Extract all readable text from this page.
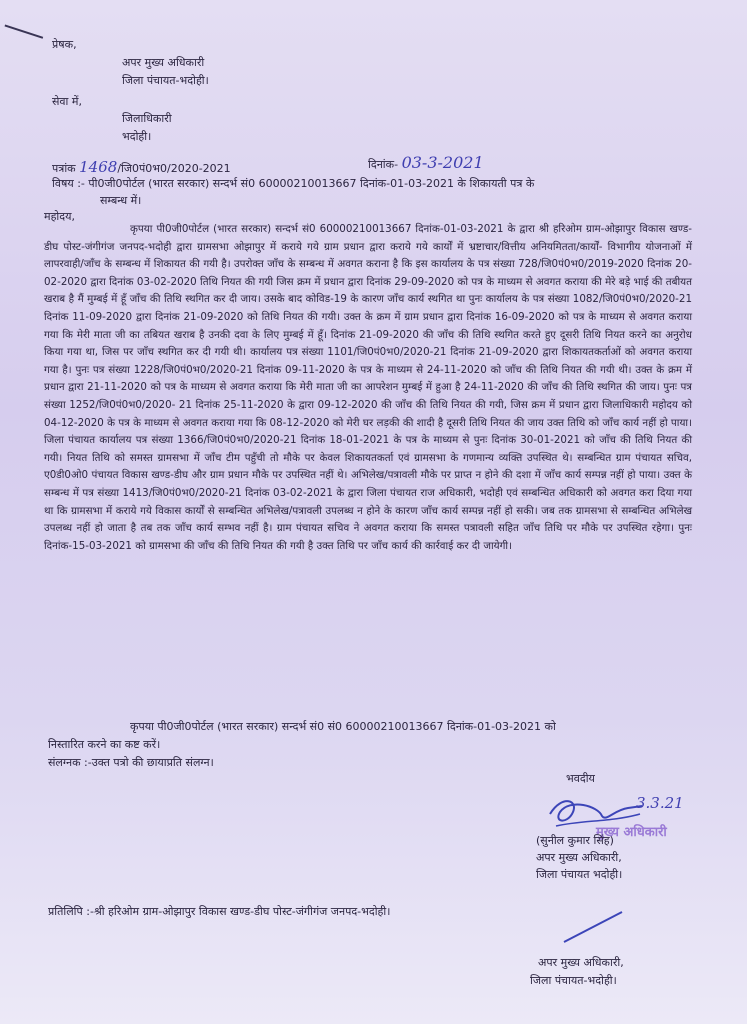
प्रेषक,
अपर मुख्य अधिकारी
जिला पंचायत-भदोही।
सेवा में,
जिलाधिकारी
भदोही।
पत्रांक 1468/जि0पं0भ0/2020-2021	दिनांक- 03-3-2021
विषय :- पी0जी0पोर्टल (भारत सरकार) सन्दर्भ सं0 60000210013667 दिनांक-01-03-2021 के शिकायती पत्र के
सम्बन्ध में।
महोदय,
कृपया पी0जी0पोर्टल (भारत सरकार) सन्दर्भ सं0 60000210013667 दिनांक-01-03-2021 के द्वारा श्री हरिओम ग्राम-ओझापुर विकास खण्ड-डीघ पोस्ट-जंगीगंज जनपद-भदोही द्वारा ग्रामसभा ओझापुर में कराये गये ग्राम प्रधान द्वारा कराये गये कार्यों में भ्रष्टाचार/वित्तीय अनियमितता/कार्यों- विभागीय योजनाओं में लापरवाही/जाँच के सम्बन्ध में शिकायत की गयी है। उपरोक्त जाँच के सम्बन्ध में अवगत कराना है कि इस कार्यालय के पत्र संख्या 728/जि0पं0भ0/2019-2020 दिनांक 20-02-2020 द्वारा दिनांक 03-02-2020 तिथि नियत की गयी जिस क्रम में प्रधान द्वारा दिनांक 29-09-2020 को पत्र के माध्यम से अवगत कराया की मेरे बड़े भाई की तबीयत खराब है मैं मुम्बई में हूँ जाँच की तिथि स्थगित कर दी जाय। उसके बाद कोविड-19 के कारण जाँच कार्य स्थगित था पुनः कार्यालय के पत्र संख्या 1082/जि0पं0भ0/2020-21 दिनांक 11-09-2020 द्वारा दिनांक 21-09-2020 को तिथि नियत की गयी। उक्त के क्रम में ग्राम प्रधान द्वारा दिनांक 16-09-2020 को पत्र के माध्यम से अवगत कराया गया कि मेरी माता जी का तबियत खराब है उनकी दवा के लिए मुम्बई में हूँ। दिनांक 21-09-2020 की जाँच की तिथि स्थगित करते हुए दूसरी तिथि नियत करने का अनुरोध किया गया था, जिस पर जाँच स्थगित कर दी गयी थी। कार्यालय पत्र संख्या 1101/जि0पं0भ0/2020-21 दिनांक 21-09-2020 द्वारा शिकायतकर्ताओं को अवगत कराया गया है। पुनः पत्र संख्या 1228/जि0पं0भ0/2020-21 दिनांक 09-11-2020 के पत्र के माध्यम से 24-11-2020 को जाँच की तिथि नियत की गयी थी। उक्त के क्रम में प्रधान द्वारा 21-11-2020 को पत्र के माध्यम से अवगत कराया कि मेरी माता जी का आपरेशन मुम्बई में हुआ है 24-11-2020 की जाँच की तिथि स्थगित की जाय। पुनः पत्र संख्या 1252/जि0पं0भ0/2020- 21 दिनांक 25-11-2020 के द्वारा 09-12-2020 की जाँच की तिथि नियत की गयी, जिस क्रम में प्रधान द्वारा जिलाधिकारी महोदय को 04-12-2020 के पत्र के माध्यम से अवगत कराया गया कि 08-12-2020 को मेरी घर लड़की की शादी है दूसरी तिथि नियत की जाय उक्त तिथि को जाँच कार्य नहीं हो पाया। जिला पंचायत कार्यालय पत्र संख्या 1366/जि0पं0भ0/2020-21 दिनांक 18-01-2021 के पत्र के माध्यम से पुनः दिनांक 30-01-2021 को जाँच की तिथि नियत की गयी। नियत तिथि को समस्त ग्रामसभा में जाँच टीम पहुँची तो मौके पर केवल शिकायतकर्ता एवं ग्रामसभा के गणमान्य व्यक्ति उपस्थित थे। सम्बन्धित ग्राम पंचायत सचिव, ए0डी0ओ0 पंचायत विकास खण्ड-डीघ और ग्राम प्रधान मौके पर उपस्थित नहीं थे। अभिलेख/पत्रावली मौके पर प्राप्त न होने की दशा में जाँच कार्य सम्पन्न नहीं हो पाया। उक्त के सम्बन्ध में पत्र संख्या 1413/जि0पं0भ0/2020-21 दिनांक 03-02-2021 के द्वारा जिला पंचायत राज अधिकारी, भदोही एवं सम्बन्धित अधिकारी को अवगत करा दिया गया था कि ग्रामसभा में कराये गये विकास कार्यों से सम्बन्धित अभिलेख/पत्रावली उपलब्ध न होने के कारण जाँच कार्य सम्पन्न नहीं हो सकी। जब तक ग्रामसभा से सम्बन्धित अभिलेख उपलब्ध नहीं हो जाता है तब तक जाँच कार्य सम्भव नहीं है। ग्राम पंचायत सचिव ने अवगत कराया कि समस्त पत्रावली सहित जाँच तिथि पर मौके पर उपस्थित रहेगा। पुनः दिनांक-15-03-2021 को ग्रामसभा की जाँच की तिथि नियत की गयी है उक्त तिथि पर जाँच कार्य की कार्रवाई कर दी जायेगी।
कृपया पी0जी0पोर्टल (भारत सरकार) सन्दर्भ सं0 सं0 60000210013667 दिनांक-01-03-2021 को
निस्तारित करने का कष्ट करें।
संलग्नक :-उक्त पत्रो की छायाप्रति संलग्न।
भवदीय
3.3.21
मुख्य अधिकारी
(सुनील कुमार सिंह)
अपर मुख्य अधिकारी,
जिला पंचायत भदोही।
प्रतिलिपि :-श्री हरिओम ग्राम-ओझापुर विकास खण्ड-डीघ पोस्ट-जंगीगंज जनपद-भदोही।
अपर मुख्य अधिकारी,
जिला पंचायत-भदोही।
